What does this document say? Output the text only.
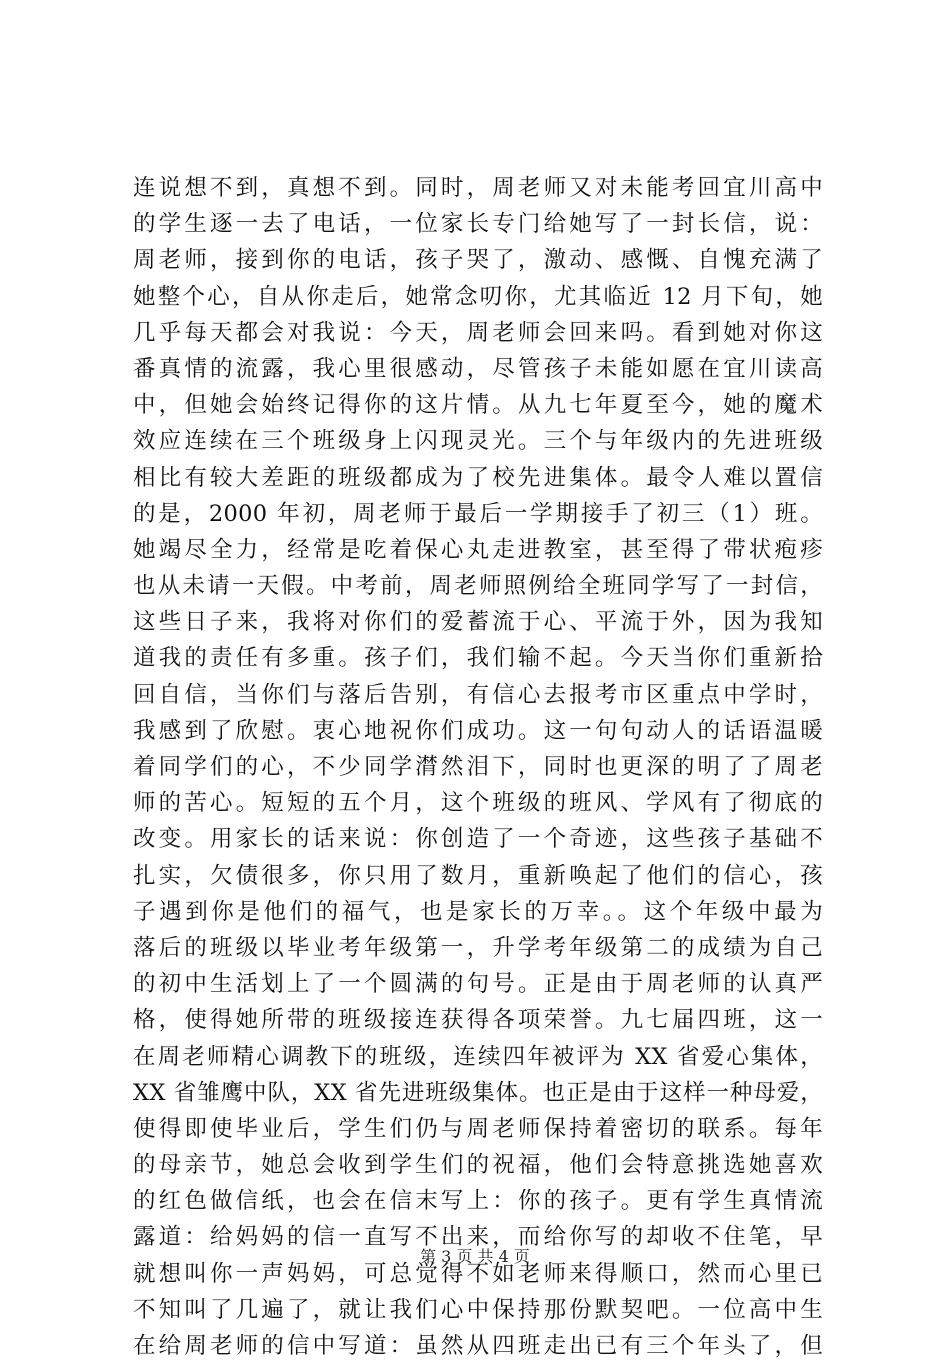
连说想不到，真想不到。同时，周老师又对未能考回宜川高中
的学生逐一去了电话，一位家长专门给她写了一封长信，说：
周老师，接到你的电话，孩子哭了，激动、感慨、自愧充满了
她整个心，自从你走后，她常念叨你，尤其临近 12 月下旬，她
几乎每天都会对我说：今天，周老师会回来吗。看到她对你这
番真情的流露，我心里很感动，尽管孩子未能如愿在宜川读高
中，但她会始终记得你的这片情。从九七年夏至今，她的魔术
效应连续在三个班级身上闪现灵光。三个与年级内的先进班级
相比有较大差距的班级都成为了校先进集体。最令人难以置信
的是，2000 年初，周老师于最后一学期接手了初三（1）班。
她竭尽全力，经常是吃着保心丸走进教室，甚至得了带状疱疹
也从未请一天假。中考前，周老师照例给全班同学写了一封信，
这些日子来，我将对你们的爱蓄流于心、平流于外，因为我知
道我的责任有多重。孩子们，我们输不起。今天当你们重新拾
回自信，当你们与落后告别，有信心去报考市区重点中学时，
我感到了欣慰。衷心地祝你们成功。这一句句动人的话语温暖
着同学们的心，不少同学潸然泪下，同时也更深的明了了周老
师的苦心。短短的五个月，这个班级的班风、学风有了彻底的
改变。用家长的话来说：你创造了一个奇迹，这些孩子基础不
扎实，欠债很多，你只用了数月，重新唤起了他们的信心，孩
子遇到你是他们的福气，也是家长的万幸。。这个年级中最为
落后的班级以毕业考年级第一，升学考年级第二的成绩为自己
的初中生活划上了一个圆满的句号。正是由于周老师的认真严
格，使得她所带的班级接连获得各项荣誉。九七届四班，这一
在周老师精心调教下的班级，连续四年被评为 XX 省爱心集体，
XX 省雏鹰中队，XX 省先进班级集体。也正是由于这样一种母爱，
使得即使毕业后，学生们仍与周老师保持着密切的联系。每年
的母亲节，她总会收到学生们的祝福，他们会特意挑选她喜欢
的红色做信纸，也会在信末写上：你的孩子。更有学生真情流
露道：给妈妈的信一直写不出来，而给你写的却收不住笔，早
就想叫你一声妈妈，可总觉得不如老师来得顺口，然而心里已
不知叫了几遍了，就让我们心中保持那份默契吧。一位高中生
在给周老师的信中写道：虽然从四班走出已有三个年头了，但
第 3 页 共 4 页
